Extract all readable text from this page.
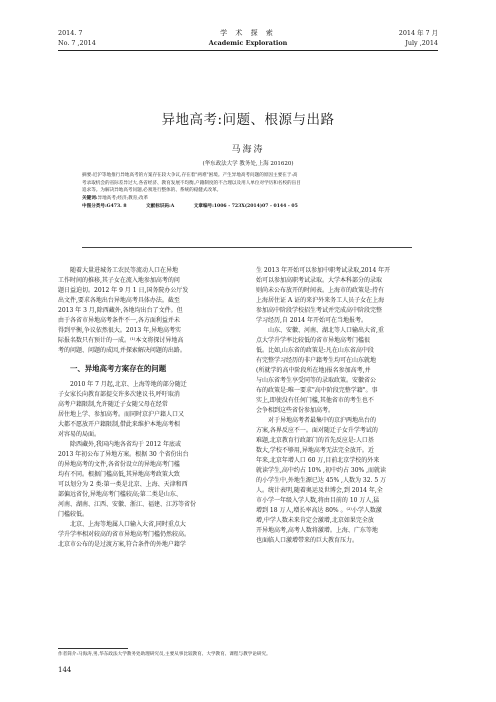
2014. 7
No. 7 ,2014
学 术 探 索
Academic Exploration
2014 年 7 月
July ,2014
异地高考:问题、根源与出路
马海涛
(华东政法大学 教务处,上海 201620)
摘要:近沪等地推行异地高考的方案存在较大争议,存在着"两难"困境。产生异地高考问题的原因主要在于:高
考录取机会的省际差异过大,各省经济、教育发展不均衡,户籍制度的不合理以及用人单位对学历和名校的盲目
追求等。为解决异地高考问题,必须进行整体的、系统的稳健式改革。
关键词:异地高考;经济;教育;改革
中图分类号:G473. 8	文献标识码:A	文章编号:1006 - 723X(2014)07 - 0144 - 05

随着大量进城务工农民等流动人口在异地

工作时间的推移,其子女在流入地参加高考的问

题日益迫切。2012 年 9 月 1 日,国务院办公厅发

出文件,要求各地出台异地高考具体办法。截至

2013 年 3 月,除西藏外,各地均出台了文件。但

由于各省市异地高考条件不一,各方面利益并未

得到平衡,争议依然很大。2013 年,异地高考实

际报名数只有预计的一成。⁽¹⁾本文将探讨异地高

考的问题、问题的成因,并探索解决问题的出路。

一、异地高考方案存在的问题

2010 年 7 月起,北京、上海等地的部分随迁

子女家长向教育部提交许多次建议书,呼吁取消

高考户籍限制,允许随迁子女随父母在经常

居住地上学、参加高考。而同时京沪户籍人口又

大都不愿放开户籍限制,借此来维护本地高考相

对容易的局面。

除西藏外,我国内地各省均于 2012 年底或

2013 年初公布了异地方案。根据 30 个省份出台

的异地高考的文件,各省份设立的异地高考门槛

均有不同。根据门槛高低,其异地高考政策大致

可以划分为 2 类:第一类是北京、上海、天津和西

部偏远省份,异地高考门槛较高;第二类是山东、

河南、湖南、江西、安徽、浙江、福建、江苏等省份

门槛较低。

北京、上海等地属人口输入大省,同时重点大

学升学率相对较高的省市异地高考门槛仍然较高。

北京市公布的是过渡方案,符合条件的外地户籍学

生 2013 年开始可以参加中职考试录取,2014 年开

始可以参加高职考试录取。大学本科部分的录取

则尚未公布放开的时间表。上海市的政策是:持有

上海居住证 A 证的来沪外来务工人员子女在上海

参加高中阶段学校招生考试并完成高中阶段完整

学习经历,自 2014 年开始可在当地报考。

山东、安徽、河南、湖北等人口输出大省,重

点大学升学率比较低的省市异地高考门槛很

低。比如,山东省的政策是:凡在山东省高中段

有完整学习经历的非户籍考生均可在山东就地

(所就学的高中阶段所在地)报名参加高考,并

与山东省考生享受同等的录取政策。安徽省公

布的政策是:唯一要求"高中阶段完整学籍"。事

实上,即使没有任何门槛,其他省市的考生也不

会争相到这些省份参加高考。

对于异地高考者最集中的京沪两地出台的

方案,各界反应不一。面对随迁子女升学考试的

难题,北京教育行政部门的首先反应是:人口基

数大,学校不够用,异地高考无法完全放开。近

年来,北京年增人口 60 万,目前北京学校的外来

就读学生,高中约占 10% ,初中约占 30% ,而就读

的小学生中,外地生源已达 45% ,人数为 32. 5 万

人。统计表明,随着奥运及世博会,到 2014 年,全

市小学一年级入学人数,将由目前的 10 万人,猛

增到 18 万人,增长率高达 80% 。⁽²⁾小学人数激

增,中学人数未来肯定会激增,北京如果完全放

开异地高考,高考人数将激增。上海、广东等地

也面临人口激增带来的巨大教育压力。

作者简介:马海涛,男,华东政法大学教务处助理研究员,主要从事比较教育、大学教育、课程与教学论研究。
144
